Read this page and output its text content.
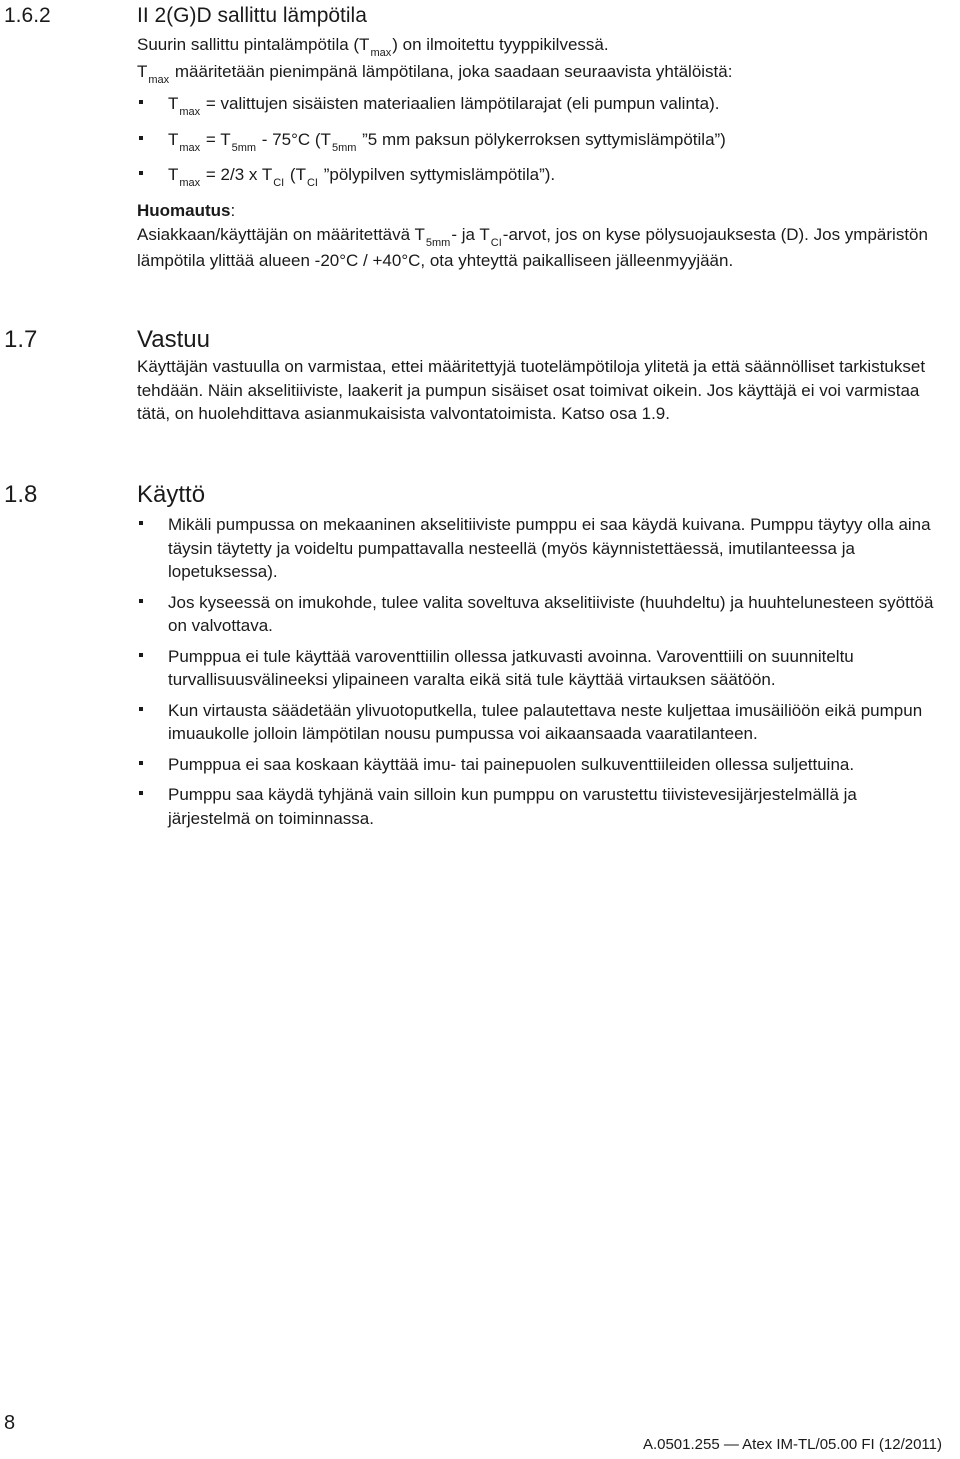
1.6.2	II 2(G)D sallittu lämpötila

Suurin sallittu pintalämpötila $(T_{max})$ on ilmoitettu tyyppikilvessä.

$T_{max}$ määritetään pienimpänä lämpötilana, joka saadaan seuraavista yhtälöistä:

$T_{max}$ = valittujen sisäisten materiaalien lämpötilarajat (eli pumpun valinta).

$T_{max} = T_{5mm} - 75^\circ C$ ($T_{5mm}$ ”5 mm paksun pölykerroksen syttymislämpötila”)

$T_{max} = 2/3$ x $T_{CI}$ ($T_{CI}$ ”pölypilven syttymislämpötila”).

Huomautus:

Asiakkaan/käyttäjän on määritettävä $T_{5mm}-$ ja $T_{CI}$-arvot, jos on kyse pölysuojauksesta (D). Jos ympäristön lämpötila ylittää alueen -20°C / +40°C, ota yhteyttä paikalliseen jälleenmyyjään.

1.7	Vastuu

Käyttäjän vastuulla on varmistaa, ettei määritettyjä tuotelämpötiloja ylitetä ja että säännölliset tarkistukset tehdään. Näin akselitiiviste, laakerit ja pumpun sisäiset osat toimivat oikein. Jos käyttäjä ei voi varmistaa tätä, on huolehdittava asianmukaisista valvontatoimista. Katso osa 1.9.

1.8	Käyttö

Mikäli pumpussa on mekaaninen akselitiiviste pumppu ei saa käydä kuivana. Pumppu täytyy olla aina täysin täytetty ja voideltu pumpattavalla nesteellä (myös käynnistettäessä, imutilanteessa ja lopetuksessa).

Jos kyseessä on imukohde, tulee valita soveltuva akselitiiviste (huuhdeltu) ja huuhtelunesteen syöttöä on valvottava.

Pumppua ei tule käyttää varoventtiilin ollessa jatkuvasti avoinna. Varoventtiili on suunniteltu turvallisuusvälineeksi ylipaineen varalta eikä sitä tule käyttää virtauksen säätöön.

Kun virtausta säädetään ylivuotoputkella, tulee palautettava neste kuljettaa imusäiliöön eikä pumpun imuaukolle jolloin lämpötilan nousu pumpussa voi aikaansaada vaaratilanteen.

Pumppua ei saa koskaan käyttää imu- tai painepuolen sulkuventtiileiden ollessa suljettuina.

Pumppu saa käydä tyhjänä vain silloin kun pumppu on varustettu tiivistevesijärjestelmällä ja järjestelmä on toiminnassa.

8
A.0501.255 — Atex IM-TL/05.00 FI (12/2011)
